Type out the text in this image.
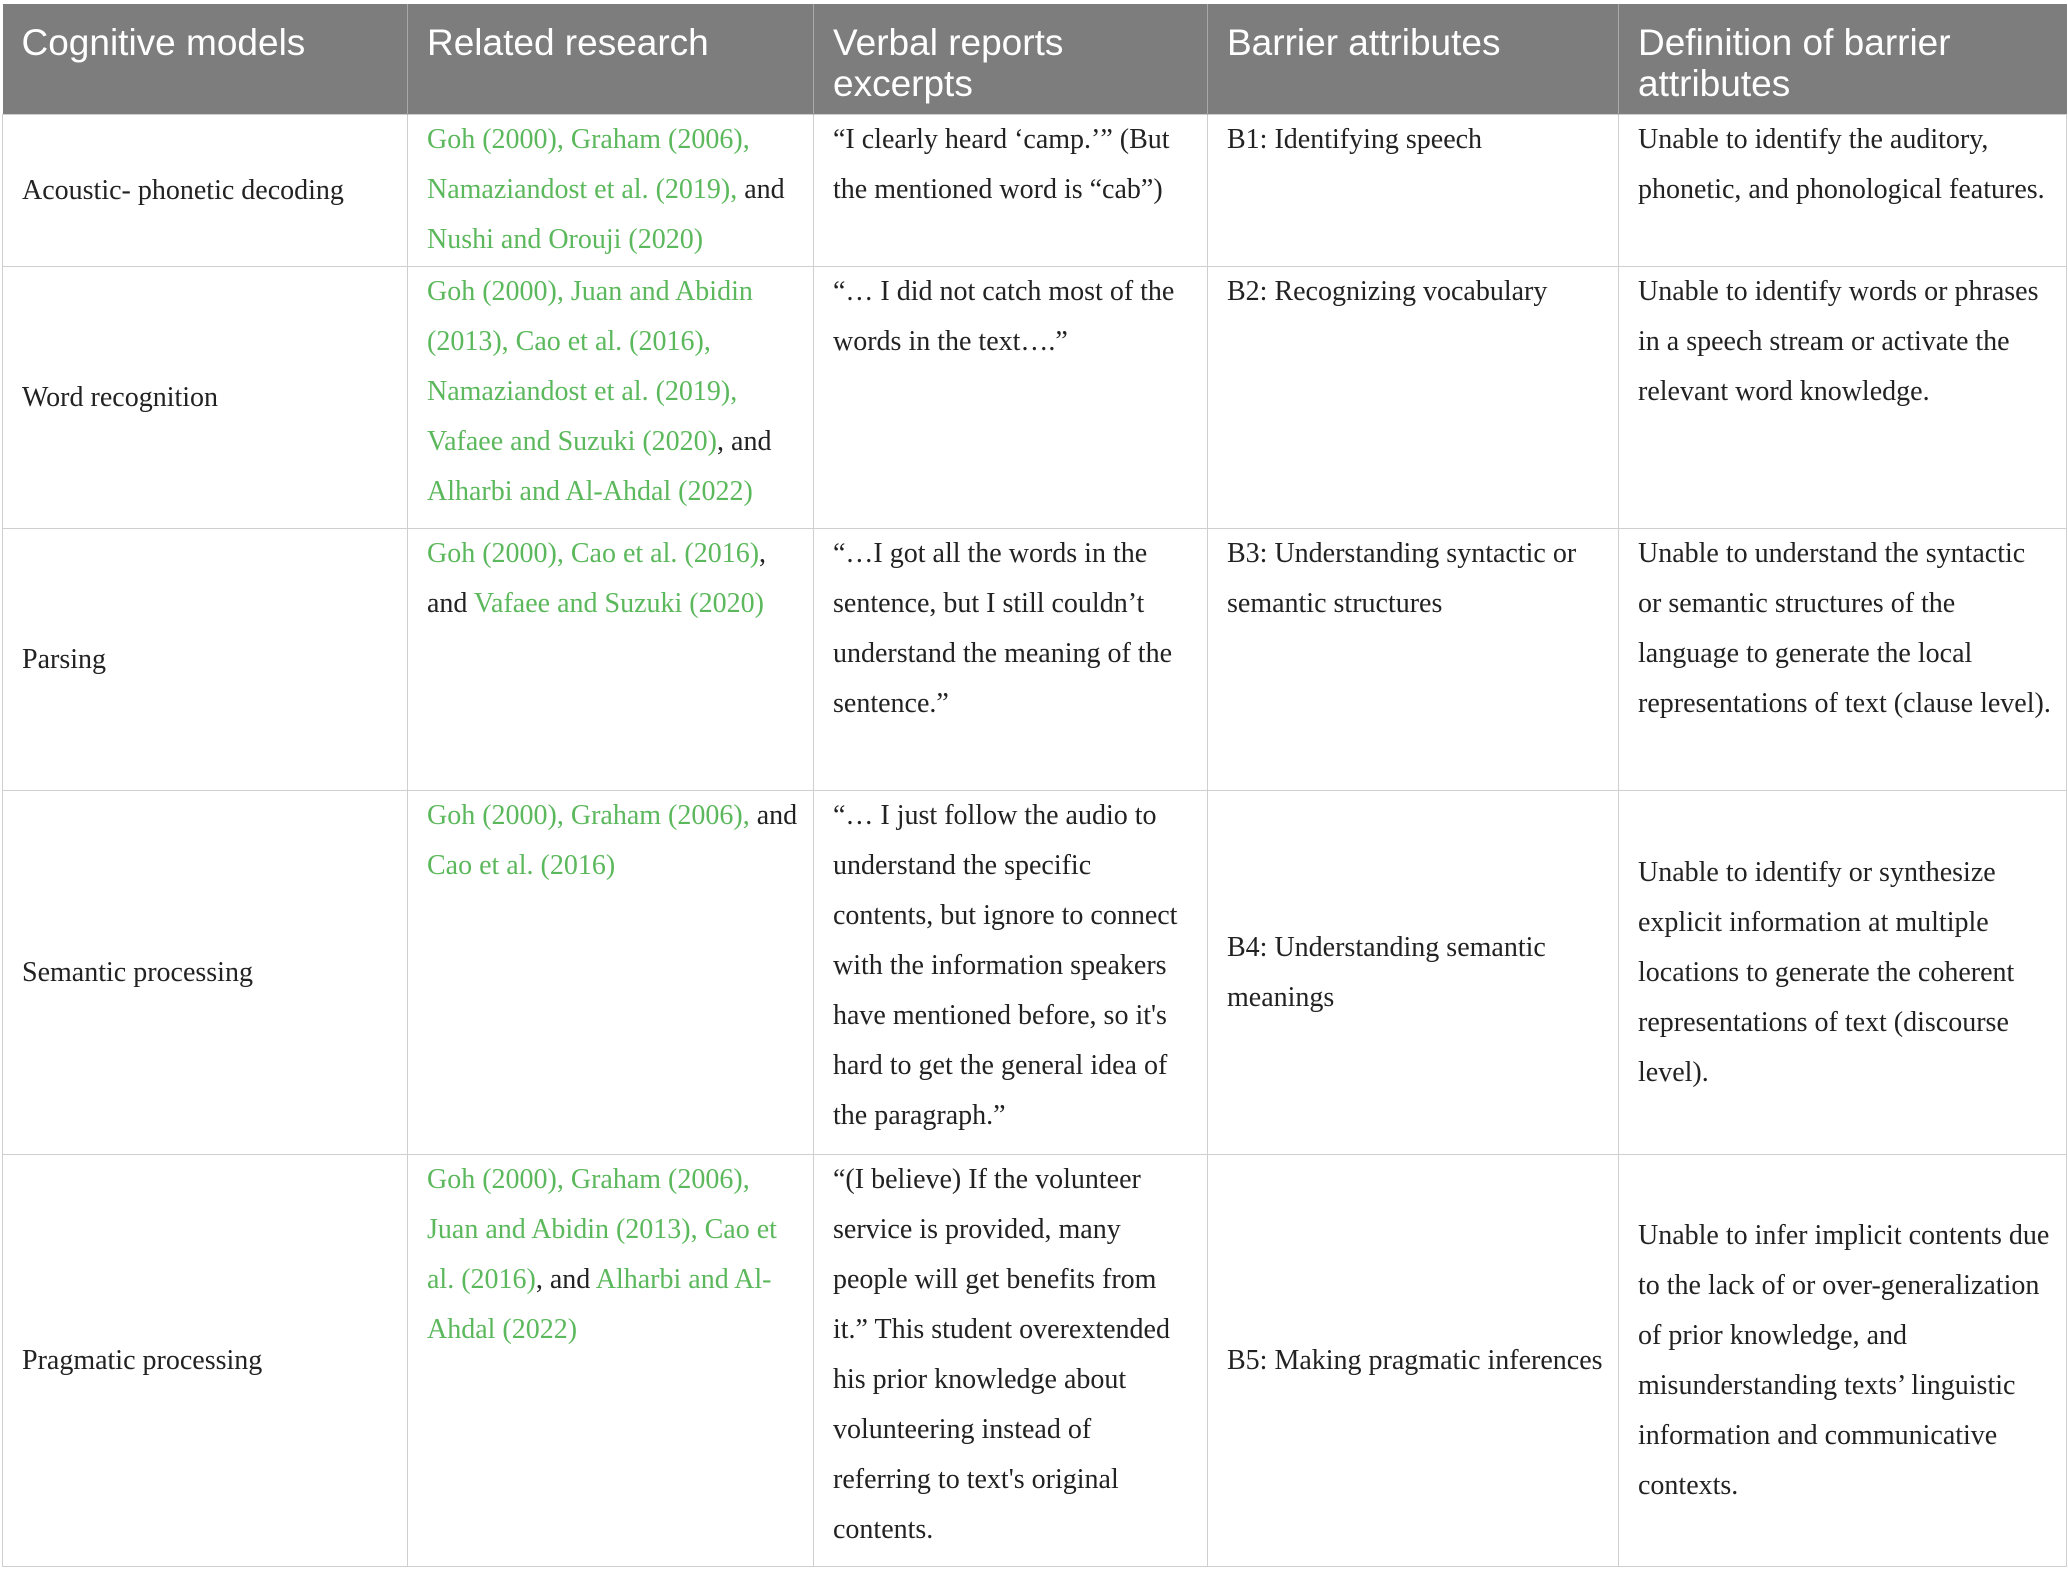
Cognitive models	Related research	Verbal reports excerpts	Barrier attributes	Definition of barrier attributes
Acoustic- phonetic decoding	Goh (2000), Graham (2006), Namaziandost et al. (2019), and Nushi and Orouji (2020)	“I clearly heard ‘camp.’” (But the mentioned word is “cab”)	B1: Identifying speech	Unable to identify the auditory, phonetic, and phonological features.
Word recognition	Goh (2000), Juan and Abidin (2013), Cao et al. (2016), Namaziandost et al. (2019), Vafaee and Suzuki (2020), and Alharbi and Al-Ahdal (2022)	“… I did not catch most of the words in the text….”	B2: Recognizing vocabulary	Unable to identify words or phrases in a speech stream or activate the relevant word knowledge.
Parsing	Goh (2000), Cao et al. (2016), and Vafaee and Suzuki (2020)	“…I got all the words in the sentence, but I still couldn’t understand the meaning of the sentence.”	B3: Understanding syntactic or semantic structures	Unable to understand the syntactic or semantic structures of the language to generate the local representations of text (clause level).
Semantic processing	Goh (2000), Graham (2006), and Cao et al. (2016)	“… I just follow the audio to understand the specific contents, but ignore to connect with the information speakers have mentioned before, so it's hard to get the general idea of the paragraph.”	B4: Understanding semantic meanings	Unable to identify or synthesize explicit information at multiple locations to generate the coherent representations of text (discourse level).
Pragmatic processing	Goh (2000), Graham (2006), Juan and Abidin (2013), Cao et al. (2016), and Alharbi and Al-Ahdal (2022)	“(I believe) If the volunteer service is provided, many people will get benefits from it.” This student overextended his prior knowledge about volunteering instead of referring to text's original contents.	B5: Making pragmatic inferences	Unable to infer implicit contents due to the lack of or over-generalization of prior knowledge, and misunderstanding texts’ linguistic information and communicative contexts.
